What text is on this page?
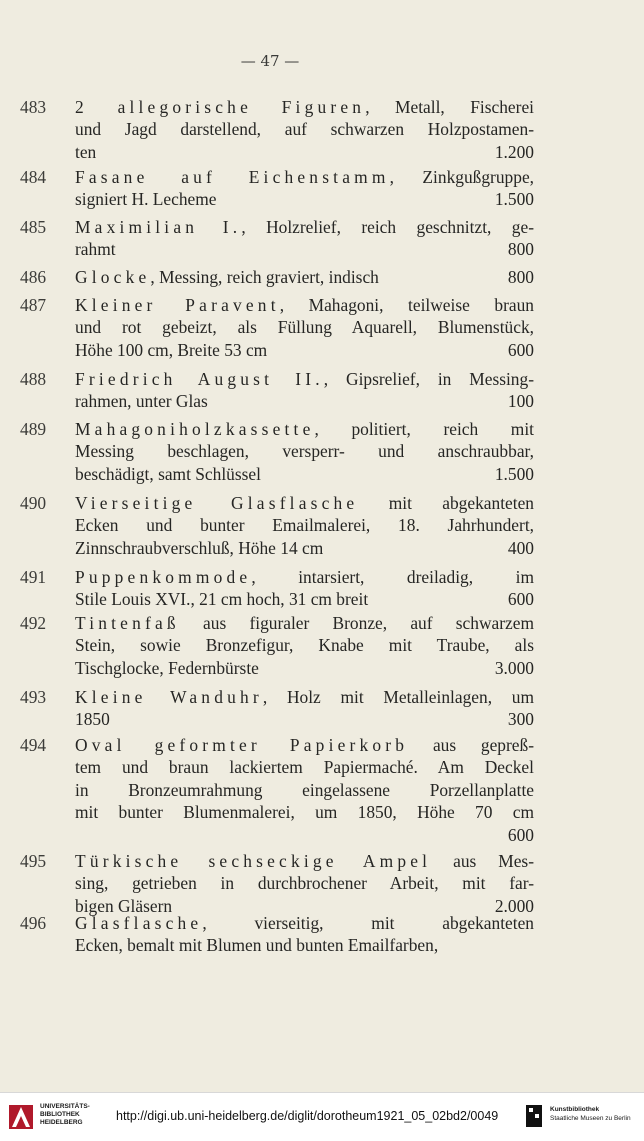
— 47 —
483	2 allegorische Figuren, Metall, Fischerei
und Jagd darstellend, auf schwarzen Holzpostamen-
ten	1.200
484	Fasane auf Eichenstamm, Zinkgußgruppe,
signiert H. Lecheme	1.500
485	Maximilian I., Holzrelief, reich geschnitzt, ge-
rahmt	800
486	Glocke, Messing, reich graviert, indisch	800
487	Kleiner Paravent, Mahagoni, teilweise braun
und rot gebeizt, als Füllung Aquarell, Blumenstück,
Höhe 100 cm, Breite 53 cm	600
488	Friedrich August II., Gipsrelief, in Messing-
rahmen, unter Glas	100
489	Mahagoniholzkassette, politiert, reich mit
Messing beschlagen, versperr- und anschraubbar,
beschädigt, samt Schlüssel	1.500
490	Vierseitige Glasflasche mit abgekanteten
Ecken und bunter Emailmalerei, 18. Jahrhundert,
Zinnschraubverschluß, Höhe 14 cm	400
491	Puppenkommode, intarsiert, dreiladig, im
Stile Louis XVI., 21 cm hoch, 31 cm breit	600
492	Tintenfaß aus figuraler Bronze, auf schwarzem
Stein, sowie Bronzefigur, Knabe mit Traube, als
Tischglocke, Federnbürste	3.000
493	Kleine Wanduhr, Holz mit Metalleinlagen, um
1850	300
494	Oval geformter Papierkorb aus gepreß-
tem und braun lackiertem Papiermaché. Am Deckel
in Bronzeumrahmung eingelassene Porzellanplatte
mit bunter Blumenmalerei, um 1850, Höhe 70 cm
600
495	Türkische sechseckige Ampel aus Mes-
sing, getrieben in durchbrochener Arbeit, mit far-
bigen Gläsern	2.000
496	Glasflasche, vierseitig, mit abgekanteten
Ecken, bemalt mit Blumen und bunten Emailfarben,
UNIVERSITÄTS-
BIBLIOTHEK
HEIDELBERG	http://digi.ub.uni-heidelberg.de/diglit/dorotheum1921_05_02bd2/0049	Kunstbibliothek
Staatliche Museen zu Berlin
